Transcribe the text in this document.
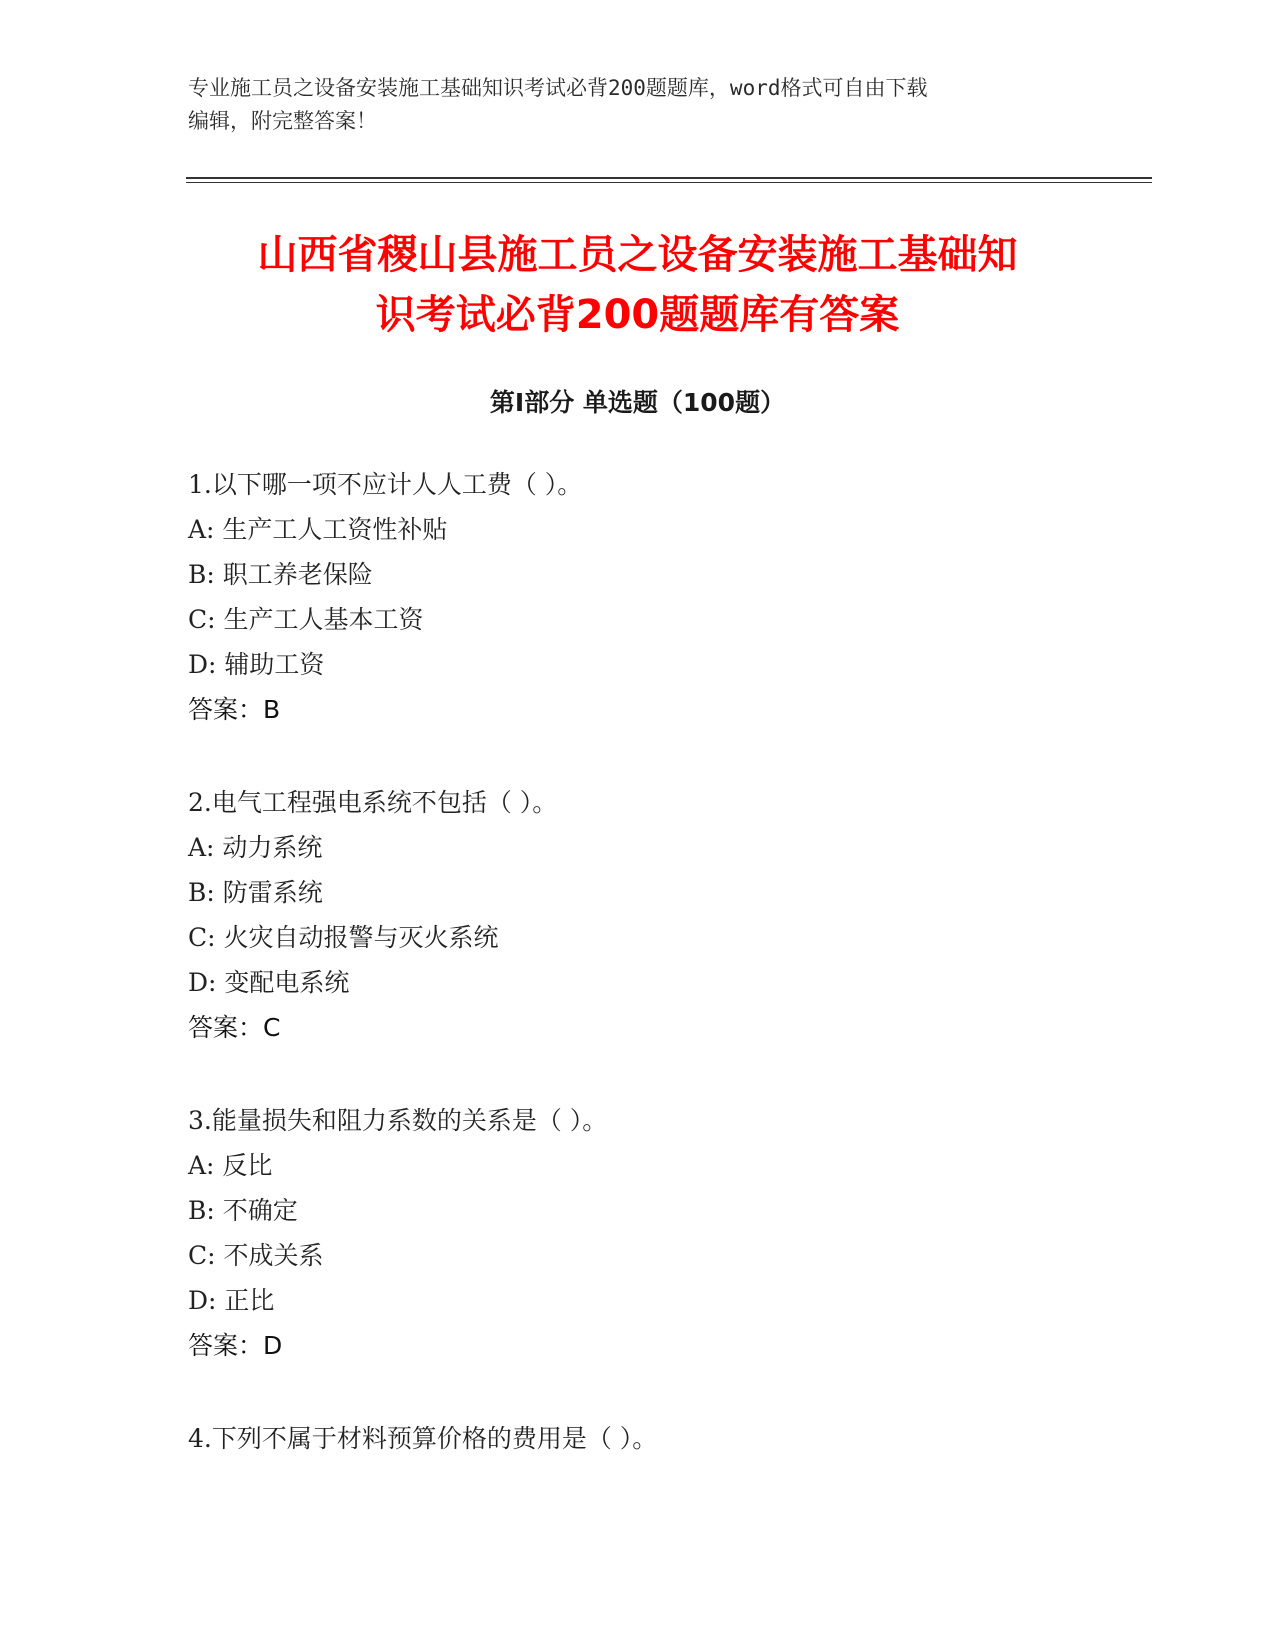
专业施工员之设备安装施工基础知识考试必背200题题库，word格式可自由下载
编辑，附完整答案！
山西省稷山县施工员之设备安装施工基础知
识考试必背200题题库有答案
第Ⅰ部分 单选题（100题）
1.以下哪一项不应计人人工费（ ）。
A: 生产工人工资性补贴
B: 职工养老保险
C: 生产工人基本工资
D: 辅助工资
答案：B
2.电气工程强电系统不包括（ ）。
A: 动力系统
B: 防雷系统
C: 火灾自动报警与灭火系统
D: 变配电系统
答案：C
3.能量损失和阻力系数的关系是（ ）。
A: 反比
B: 不确定
C: 不成关系
D: 正比
答案：D
4.下列不属于材料预算价格的费用是（ ）。
